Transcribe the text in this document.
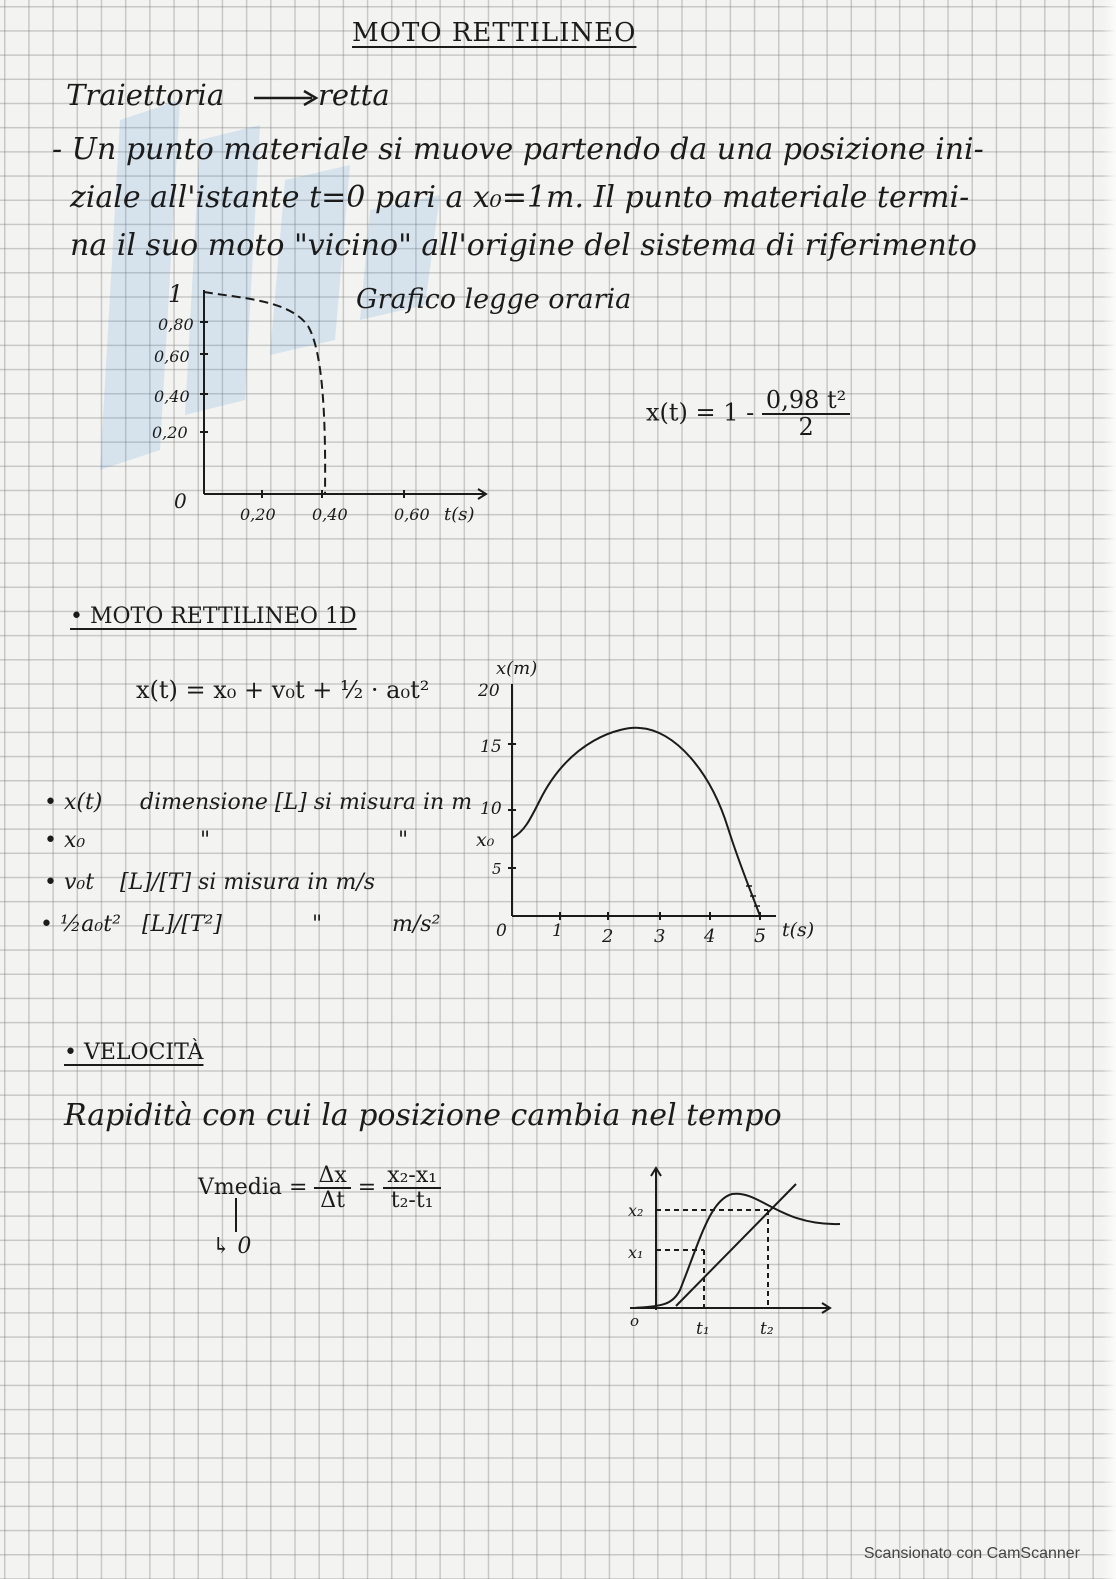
MOTO RETTILINEO
Traiettoria	retta
- Un punto materiale si muove partendo da una posizione ini-
ziale all'istante t=0 pari a x₀=1m. Il punto materiale termi-
na il suo moto "vicino" all'origine del sistema di riferimento
1
0,80
0,60
0,40
0,20
0
0,20 0,40	0,60 t(s)
Grafico legge oraria
$x(t) = 1 - \frac{\text{0,98 t²}}{2}$
• MOTO RETTILINEO 1D
x(t) = x₀ + v₀t + ½ · a₀t²
• x(t) dimensione [L] si misura in m
• x₀	"	"
• v₀t [L]/[T] si misura in m/s
• ½a₀t² [L]/[T²]	"	m/s²
x(m)
20
15
10
5
x₀
0	1 2 3 4 5 t(s)
• VELOCITÀ
Rapidità con cui la posizione cambia nel tempo
Vmedia = $\frac{\Delta x}{\Delta t} = \frac{\text{x₂-x₁}}{\text{t₂-t₁}}$
↳ 0
x₂
x₁
o	t₁	t₂
Scansionato con CamScanner
